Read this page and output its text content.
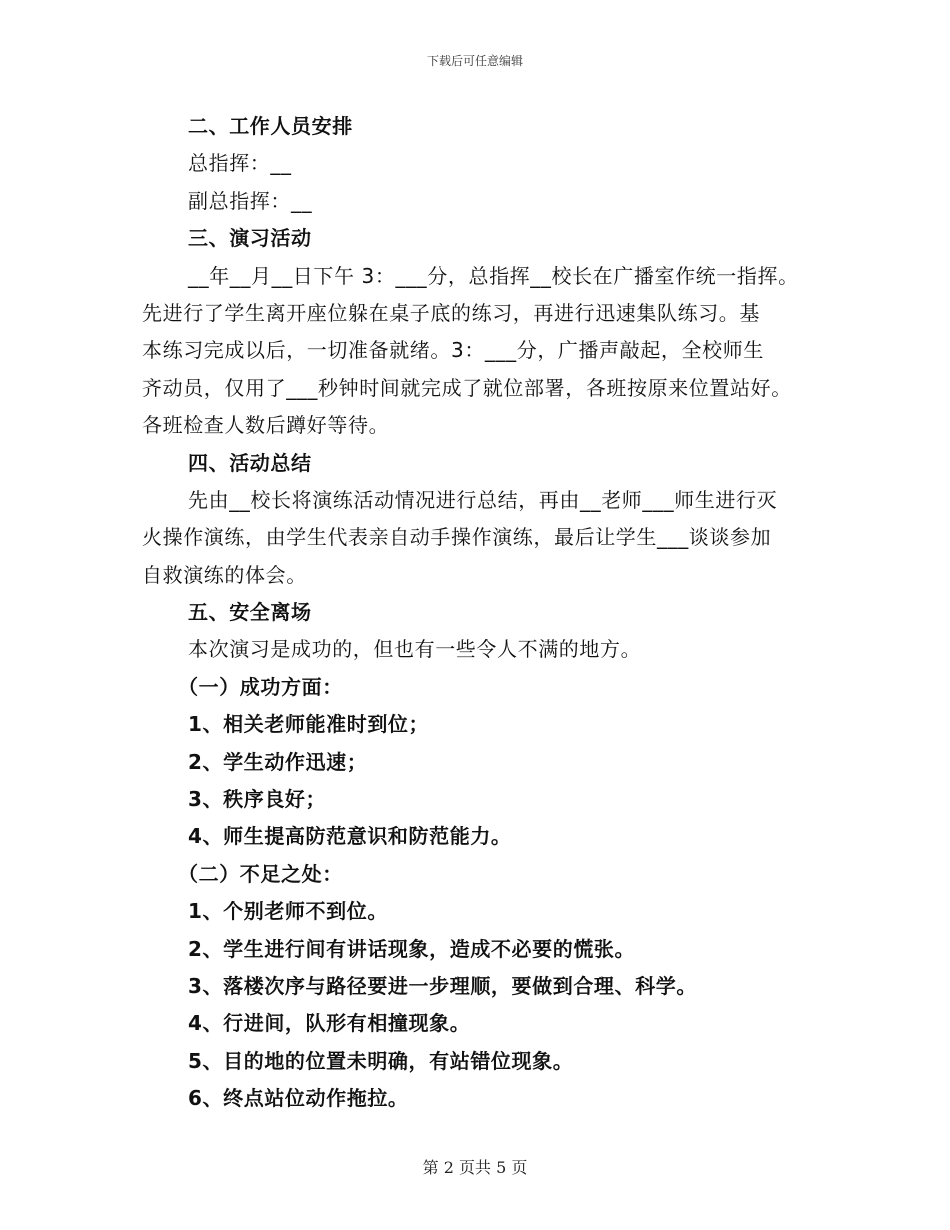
下载后可任意编辑
二、工作人员安排
总指挥：__
副总指挥：__
三、演习活动
__年__月__日下午 3：___分，总指挥__校长在广播室作统一指挥。
先进行了学生离开座位躲在桌子底的练习，再进行迅速集队练习。基
本练习完成以后，一切准备就绪。3：___分，广播声敲起，全校师生
齐动员，仅用了___秒钟时间就完成了就位部署，各班按原来位置站好。
各班检查人数后蹲好等待。
四、活动总结
先由__校长将演练活动情况进行总结，再由__老师___师生进行灭
火操作演练，由学生代表亲自动手操作演练，最后让学生___谈谈参加
自救演练的体会。
五、安全离场
本次演习是成功的，但也有一些令人不满的地方。
（一）成功方面：
1、相关老师能准时到位；
2、学生动作迅速；
3、秩序良好；
4、师生提高防范意识和防范能力。
（二）不足之处：
1、个别老师不到位。
2、学生进行间有讲话现象，造成不必要的慌张。
3、落楼次序与路径要进一步理顺，要做到合理、科学。
4、行进间，队形有相撞现象。
5、目的地的位置未明确，有站错位现象。
6、终点站位动作拖拉。
第 2 页共 5 页
